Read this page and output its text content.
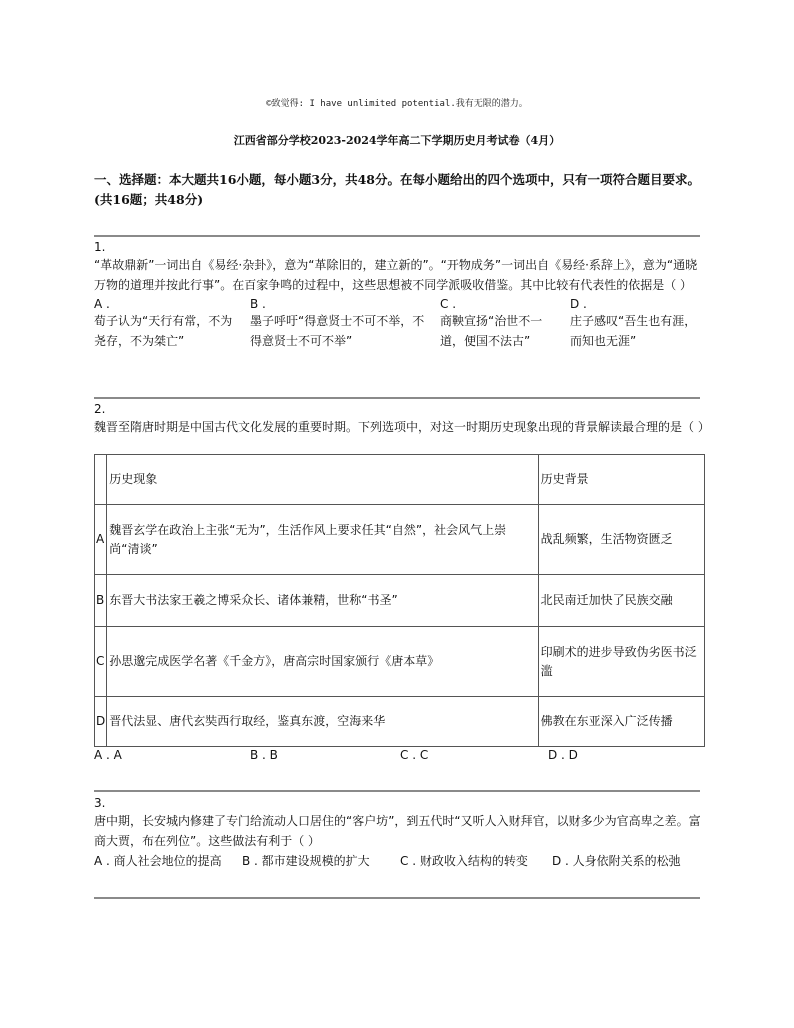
©致觉得: I have unlimited potential.我有无限的潜力。
江西省部分学校2023-2024学年高二下学期历史月考试卷（4月）
一、选择题：本大题共16小题，每小题3分，共48分。在每小题给出的四个选项中，只有一项符合题目要求。(共16题；共48分)
1.
“革故鼎新”一词出自《易经·杂卦》，意为“革除旧的，建立新的”。“开物成务”一词出自《易经·系辞上》，意为“通晓万物的道理并按此行事”。在百家争鸣的过程中，这些思想被不同学派吸收借鉴。其中比较有代表性的依据是（ ）
A .
荀子认为“天行有常，不为尧存，不为桀亡”
B .
墨子呼吁“得意贤士不可不举，不得意贤士不可不举”
C .
商鞅宣扬“治世不一道，便国不法古”
D .
庄子感叹“吾生也有涯，而知也无涯”
2.
魏晋至隋唐时期是中国古代文化发展的重要时期。下列选项中，对这一时期历史现象出现的背景解读最合理的是（ ）
	历史现象	历史背景
A	魏晋玄学在政治上主张“无为”，生活作风上要求任其“自然”，社会风气上崇尚“清谈”	战乱频繁，生活物资匮乏
B	东晋大书法家王羲之博采众长、诸体兼精，世称“书圣”	北民南迁加快了民族交融
C	孙思邈完成医学名著《千金方》，唐高宗时国家颁行《唐本草》	印刷术的进步导致伪劣医书泛滥
D	晋代法显、唐代玄奘西行取经，鉴真东渡，空海来华	佛教在东亚深入广泛传播
A . A	B . B	C . C	D . D
3.
唐中期，长安城内修建了专门给流动人口居住的“客户坊”，到五代时“又听人入财拜官，以财多少为官高卑之差。富商大贾，布在列位”。这些做法有利于（ ）
A . 商人社会地位的提高 B . 都市建设规模的扩大	C . 财政收入结构的转变 D . 人身依附关系的松弛
